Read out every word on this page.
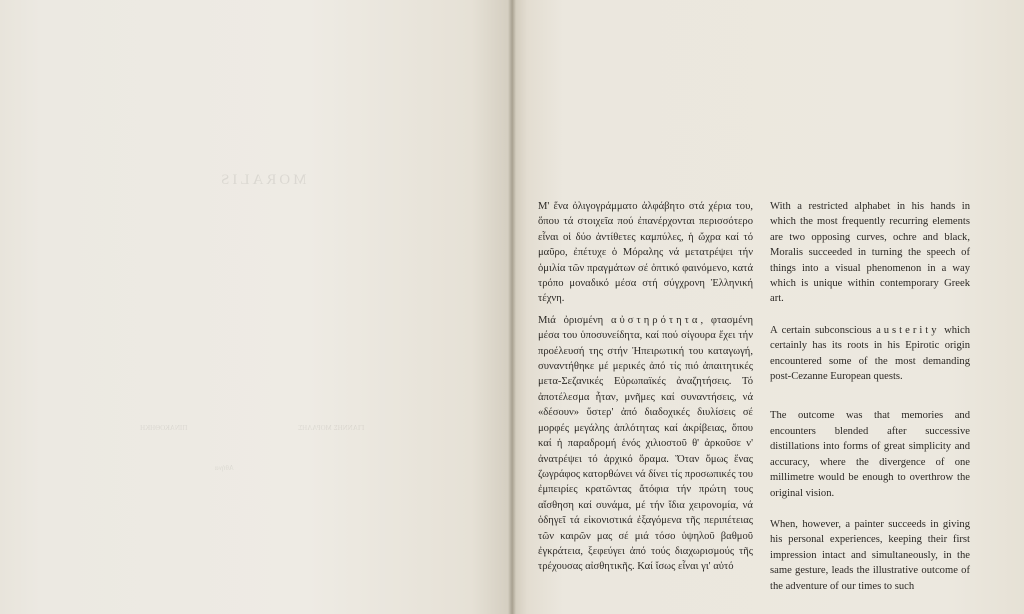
MORALIS
ΓΙΑΝΝΗΣ ΜΟΡΑΛΗΣ
ΠΙΝΑΚΟΘΗΚΗ
Αθήνα

Μ' ἕνα ὀλιγογράμματο ἀλφάβητο στά χέρια του, ὅπου τά στοιχεῖα πού ἐπανέρχονται περισσότερο εἶναι οἱ δύο ἀντίθετες καμπύλες, ἡ ὤχρα καί τό μαῦρο, ἐπέτυχε ὁ Μόραλης νά μετατρέψει τήν ὁμιλία τῶν πραγμάτων σέ ὀπτικό φαινόμενο, κατά τρόπο μοναδικό μέσα στή σύγχρονη Ἑλληνική τέχνη.

Μιά ὀρισμένη αὐστηρότητα, φτασμένη μέσα του ὑποσυνείδητα, καί πού σίγουρα ἔχει τήν προέλευσή της στήν Ἠπειρωτική του καταγωγή, συναντήθηκε μέ μερικές ἀπό τίς πιό ἀπαιτητικές μετα-Σεζανικές Εὐρωπαϊκές ἀναζητήσεις. Τό ἀποτέλεσμα ἦταν, μνῆμες καί συναντήσεις, νά «δέσουν» ὕστερ' ἀπό διαδοχικές διυλίσεις σέ μορφές μεγάλης ἁπλότητας καί ἀκρίβειας, ὅπου καί ἡ παραδρομή ἑνός χιλιοστοῦ θ' ἀρκοῦσε ν' ἀνατρέψει τό ἀρχικό ὅραμα. Ὅταν ὅμως ἕνας ζωγράφος κατορθώνει νά δίνει τίς προσωπικές του ἐμπειρίες κρατῶντας ἄτόφια τήν πρώτη τους αἴσθηση καί συνάμα, μέ τήν ἴδια χειρονομία, νά ὁδηγεῖ τά εἰκονιστικά ἐξαγόμενα τῆς περιπέτειας τῶν καιρῶν μας σέ μιά τόσο ὑψηλοῦ βαθμοῦ ἐγκράτεια, ξεφεύγει ἀπό τούς διαχωρισμούς τῆς τρέχουσας αἰσθητικῆς. Καί ἴσως εἶναι γι' αὐτό

With a restricted alphabet in his hands in which the most frequently recurring elements are two opposing curves, ochre and black, Moralis succeeded in turning the speech of things into a visual phenomenon in a way which is unique within contemporary Greek art.

A certain subconscious austerity which certainly has its roots in his Epirotic origin encountered some of the most demanding post-Cezanne European quests.

The outcome was that memories and encounters blended after successive distillations into forms of great simplicity and accuracy, where the divergence of one millimetre would be enough to overthrow the original vision.

When, however, a painter succeeds in giving his personal experiences, keeping their first impression intact and simultaneously, in the same gesture, leads the illustrative outcome of the adventure of our times to such
